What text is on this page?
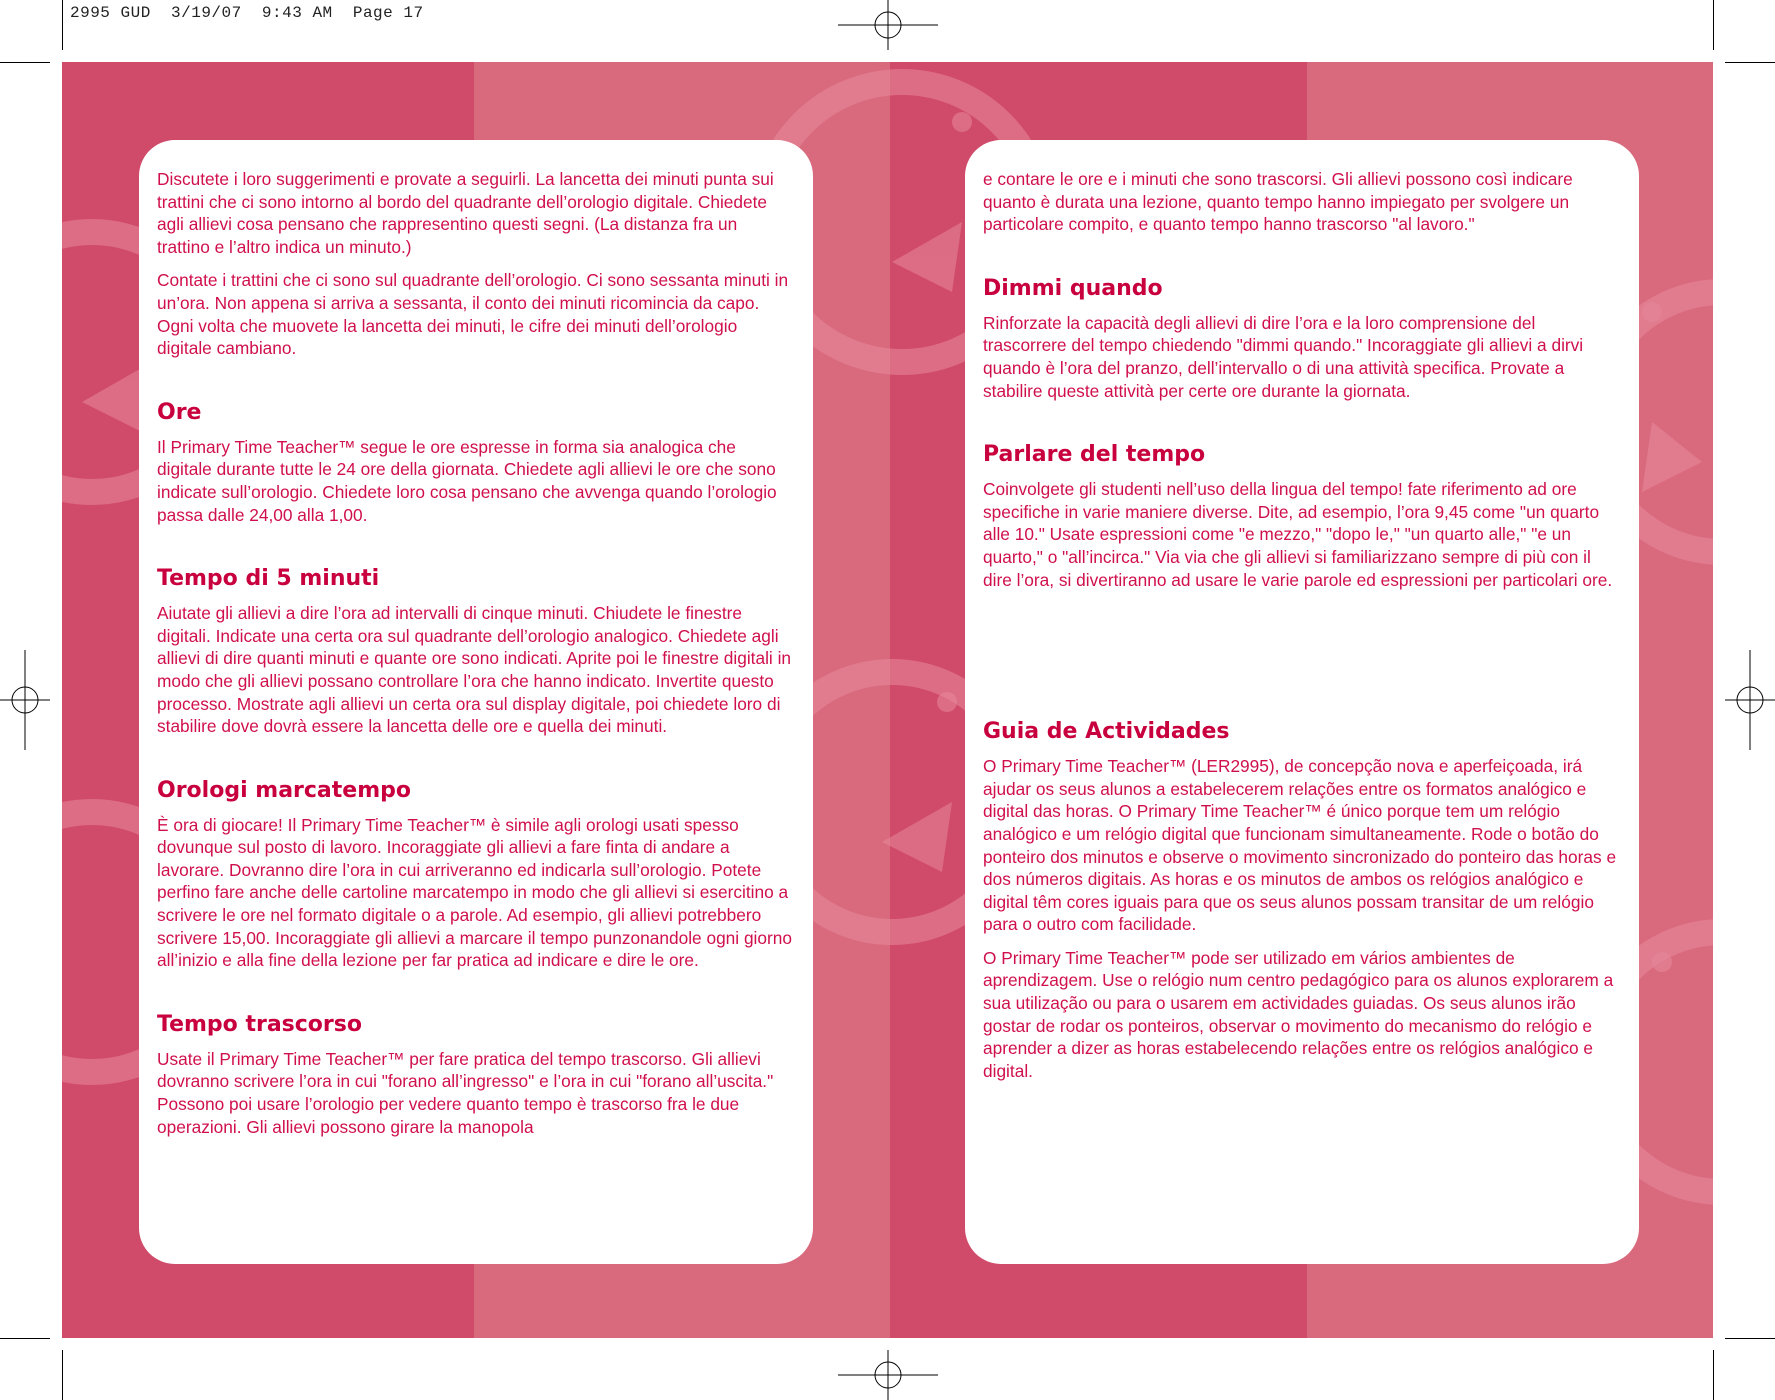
2995 GUD  3/19/07  9:43 AM  Page 17

Discutete i loro suggerimenti e provate a seguirli. La lancetta dei minuti punta sui trattini che ci sono intorno al bordo del quadrante dell’orologio digitale. Chiedete agli allievi cosa pensano che rappresentino questi segni. (La distanza fra un trattino e l’altro indica un minuto.)

Contate i trattini che ci sono sul quadrante dell’orologio. Ci sono sessanta minuti in un’ora. Non appena si arriva a sessanta, il conto dei minuti ricomincia da capo. Ogni volta che muovete la lancetta dei minuti, le cifre dei minuti dell’orologio digitale cambiano.

Ore

Il Primary Time Teacher™ segue le ore espresse in forma sia analogica che digitale durante tutte le 24 ore della giornata. Chiedete agli allievi le ore che sono indicate sull’orologio. Chiedete loro cosa pensano che avvenga quando l’orologio passa dalle 24,00 alla 1,00.

Tempo di 5 minuti

Aiutate gli allievi a dire l’ora ad intervalli di cinque minuti. Chiudete le finestre digitali. Indicate una certa ora sul quadrante dell’orologio analogico. Chiedete agli allievi di dire quanti minuti e quante ore sono indicati. Aprite poi le finestre digitali in modo che gli allievi possano controllare l’ora che hanno indicato. Invertite questo processo. Mostrate agli allievi un certa ora sul display digitale, poi chiedete loro di stabilire dove dovrà essere la lancetta delle ore e quella dei minuti.

Orologi marcatempo

È ora di giocare! Il Primary Time Teacher™ è simile agli orologi usati spesso dovunque sul posto di lavoro. Incoraggiate gli allievi a fare finta di andare a lavorare. Dovranno dire l’ora in cui arriveranno ed indicarla sull’orologio. Potete perfino fare anche delle cartoline marcatempo in modo che gli allievi si esercitino a scrivere le ore nel formato digitale o a parole. Ad esempio, gli allievi potrebbero scrivere 15,00. Incoraggiate gli allievi a marcare il tempo punzonandole ogni giorno all’inizio e alla fine della lezione per far pratica ad indicare e dire le ore.

Tempo trascorso

Usate il Primary Time Teacher™ per fare pratica del tempo trascorso. Gli allievi dovranno scrivere l’ora in cui "forano all’ingresso" e l’ora in cui "forano all’uscita." Possono poi usare l’orologio per vedere quanto tempo è trascorso fra le due operazioni. Gli allievi possono girare la manopola

e contare le ore e i minuti che sono trascorsi. Gli allievi possono così indicare quanto è durata una lezione, quanto tempo hanno impiegato per svolgere un particolare compito, e quanto tempo hanno trascorso "al lavoro."

Dimmi quando

Rinforzate la capacità degli allievi di dire l’ora e la loro comprensione del trascorrere del tempo chiedendo "dimmi quando." Incoraggiate gli allievi a dirvi quando è l’ora del pranzo, dell’intervallo o di una attività specifica. Provate a stabilire queste attività per certe ore durante la giornata.

Parlare del tempo

Coinvolgete gli studenti nell’uso della lingua del tempo! fate riferimento ad ore specifiche in varie maniere diverse. Dite, ad esempio, l’ora 9,45 come "un quarto alle 10." Usate espressioni come "e mezzo," "dopo le," "un quarto alle," "e un quarto," o "all’incirca." Via via che gli allievi si familiarizzano sempre di più con il dire l’ora, si divertiranno ad usare le varie parole ed espressioni per particolari ore.

Guia de Actividades

O Primary Time Teacher™ (LER2995), de concepção nova e aperfeiçoada, irá ajudar os seus alunos a estabelecerem relações entre os formatos analógico e digital das horas. O Primary Time Teacher™ é único porque tem um relógio analógico e um relógio digital que funcionam simultaneamente. Rode o botão do ponteiro dos minutos e observe o movimento sincronizado do ponteiro das horas e dos números digitais. As horas e os minutos de ambos os relógios analógico e digital têm cores iguais para que os seus alunos possam transitar de um relógio para o outro com facilidade.

O Primary Time Teacher™ pode ser utilizado em vários ambientes de aprendizagem. Use o relógio num centro pedagógico para os alunos explorarem a sua utilização ou para o usarem em actividades guiadas. Os seus alunos irão gostar de rodar os ponteiros, observar o movimento do mecanismo do relógio e aprender a dizer as horas estabelecendo relações entre os relógios analógico e digital.
